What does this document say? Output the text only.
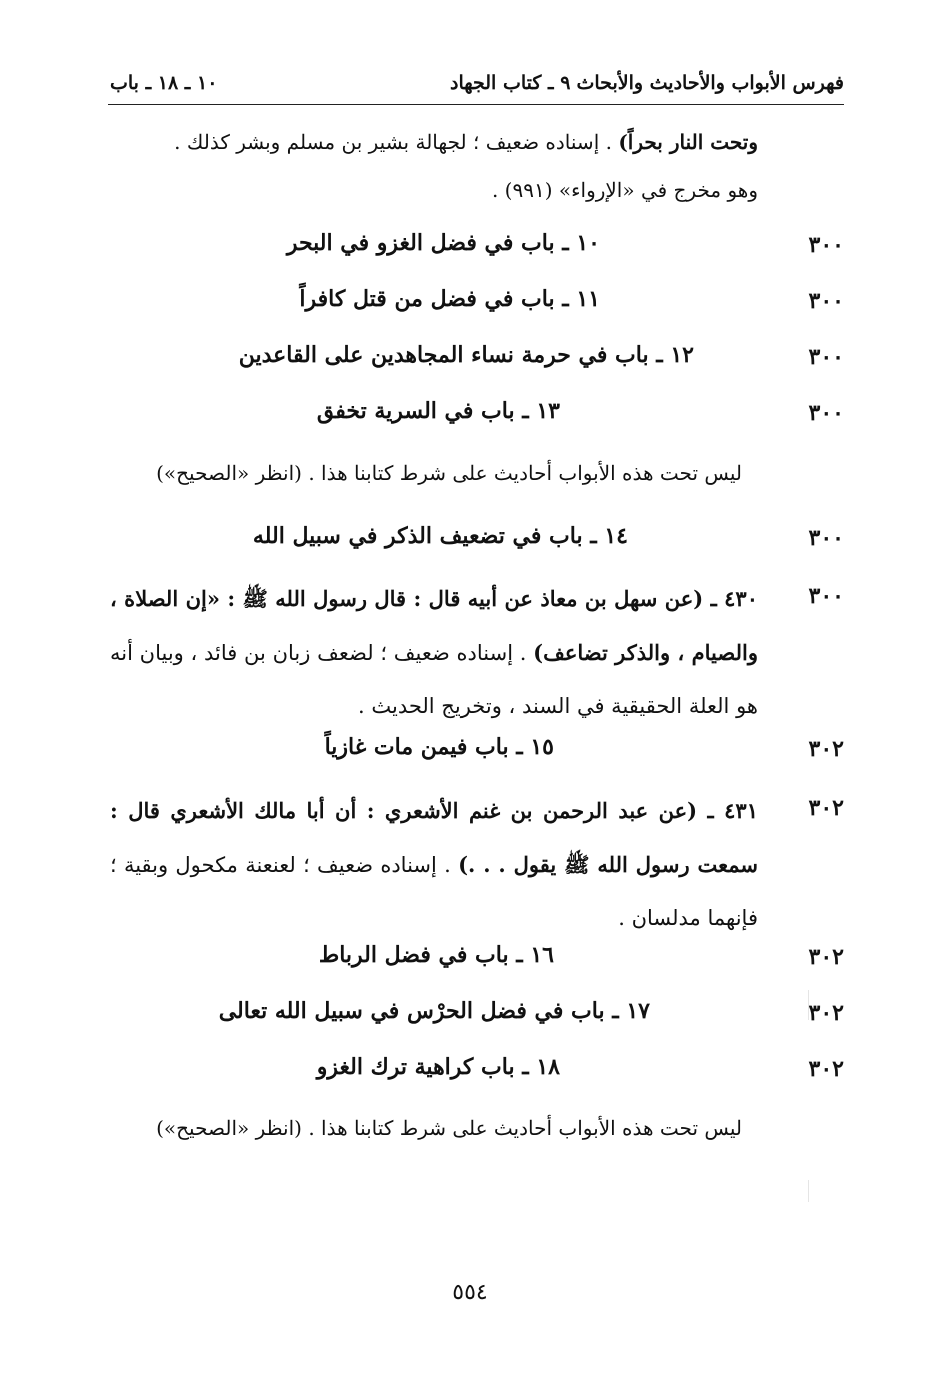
فهرس الأبواب والأحاديث والأبحاث
٩ ـ كتاب الجهاد
١٠ ـ ١٨ ـ باب
وتحت النار بحراً) . إسناده ضعيف ؛ لجهالة بشير بن مسلم وبشر كذلك .
وهو مخرج في «الإرواء» (٩٩١) .
٣٠٠
١٠ ـ باب في فضل الغزو في البحر
٣٠٠
١١ ـ باب في فضل من قتل كافراً
٣٠٠
١٢ ـ باب في حرمة نساء المجاهدين على القاعدين
٣٠٠
١٣ ـ باب في السرية تخفق
ليس تحت هذه الأبواب أحاديث على شرط كتابنا هذا . (انظر «الصحيح»)
٣٠٠
١٤ ـ باب في تضعيف الذكر في سبيل الله
٣٠٠
٤٣٠ ـ (عن سهل بن معاذ عن أبيه قال : قال رسول الله ﷺ : «إن الصلاة ، والصيام ، والذكر تضاعف) . إسناده ضعيف ؛ لضعف زبان بن فائد ، وبيان أنه هو العلة الحقيقية في السند ، وتخريج الحديث .
٣٠٢
١٥ ـ باب فيمن مات غازياً
٣٠٢
٤٣١ ـ (عن عبد الرحمن بن غنم الأشعري : أن أبا مالك الأشعري قال : سمعت رسول الله ﷺ يقول . . .) . إسناده ضعيف ؛ لعنعنة مكحول وبقية ؛ فإنهما مدلسان .
٣٠٢
١٦ ـ باب في فضل الرباط
٣٠٢
١٧ ـ باب في فضل الحرْس في سبيل الله تعالى
٣٠٢
١٨ ـ باب كراهية ترك الغزو
ليس تحت هذه الأبواب أحاديث على شرط كتابنا هذا . (انظر «الصحيح»)
٥٥٤
